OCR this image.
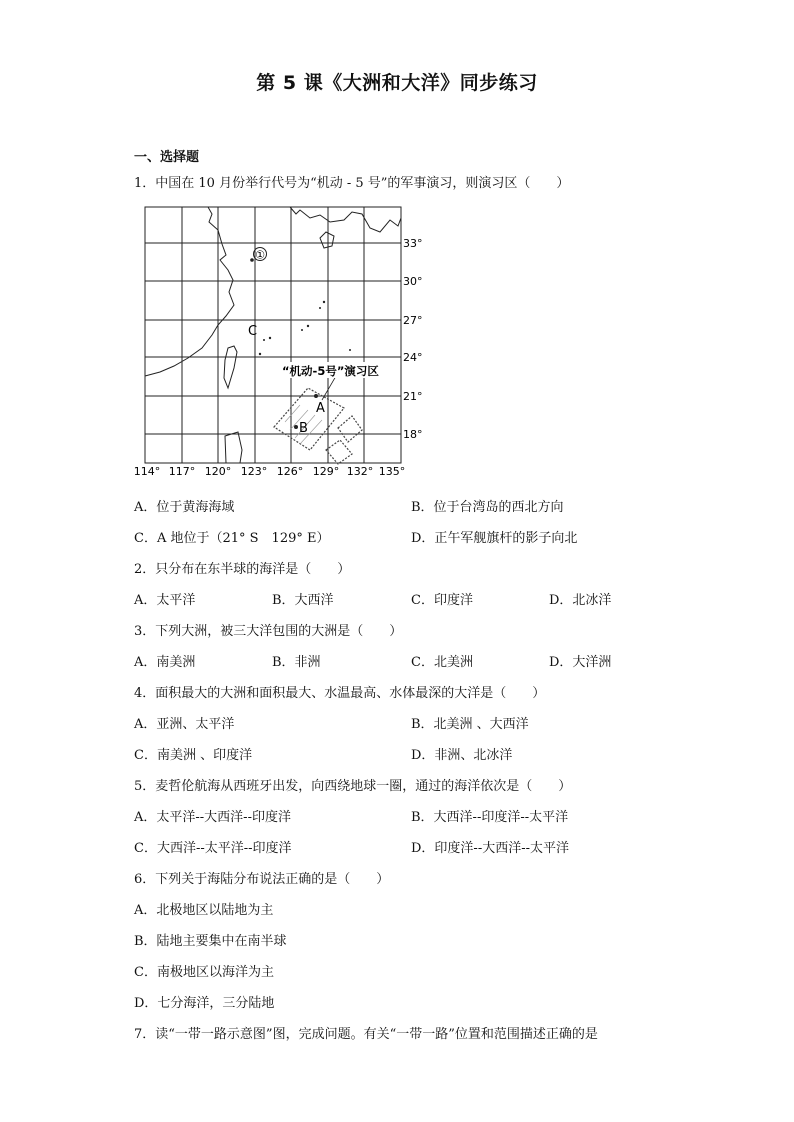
第 5 课《大洲和大洋》同步练习
一、选择题
1．中国在 10 月份举行代号为“机动 - 5 号”的军事演习，则演习区（　　）
①
C
A
B
“机动-5号”演习区
33°
30°
27°
24°
21°
18°
114° 117° 120° 123° 126° 129° 132° 135°
A．位于黄海海域	B．位于台湾岛的西北方向
C．A 地位于（21° S　129° E）	D．正午军舰旗杆的影子向北
2．只分布在东半球的海洋是（　　）
A．太平洋	B．大西洋	C．印度洋	D．北冰洋
3．下列大洲，被三大洋包围的大洲是（　　）
A．南美洲	B．非洲	C．北美洲	D．大洋洲
4．面积最大的大洲和面积最大、水温最高、水体最深的大洋是（　　）
A．亚洲、太平洋	B．北美洲 、大西洋
C．南美洲 、印度洋	D．非洲、北冰洋
5．麦哲伦航海从西班牙出发，向西绕地球一圈，通过的海洋依次是（　　）
A．太平洋--大西洋--印度洋	B．大西洋--印度洋--太平洋
C．大西洋--太平洋--印度洋	D．印度洋--大西洋--太平洋
6．下列关于海陆分布说法正确的是（　　）
A．北极地区以陆地为主
B．陆地主要集中在南半球
C．南极地区以海洋为主
D．七分海洋，三分陆地
7．读“一带一路示意图”图，完成问题。有关“一带一路”位置和范围描述正确的是
